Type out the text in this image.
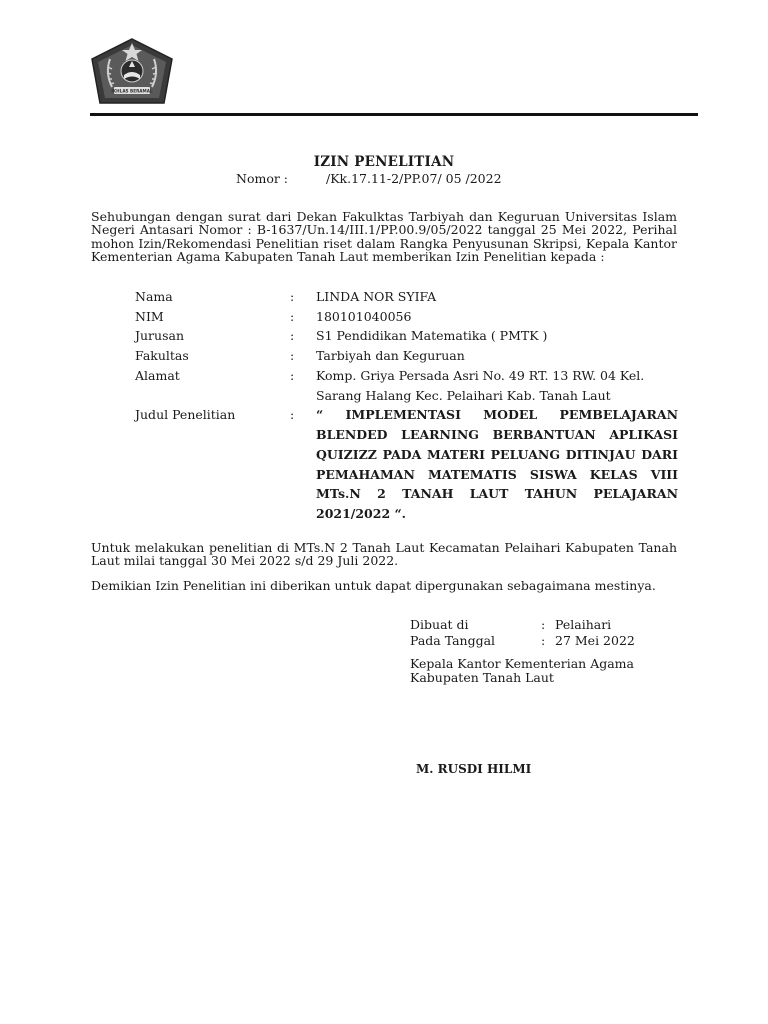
IKHLAS BERAMAL
IZIN PENELITIAN
Nomor :	/Kk.17.11-2/PP.07/ 05 /2022
Sehubungan dengan surat dari Dekan Fakulktas Tarbiyah dan Keguruan Universitas Islam Negeri Antasari Nomor : B-1637/Un.14/III.1/PP.00.9/05/2022 tanggal 25 Mei 2022, Perihal mohon Izin/Rekomendasi Penelitian riset dalam Rangka Penyusunan Skripsi, Kepala Kantor Kementerian Agama Kabupaten Tanah Laut memberikan Izin Penelitian kepada :
Nama	:	LINDA NOR SYIFA
NIM	:	180101040056
Jurusan	:	S1 Pendidikan Matematika ( PMTK )
Fakultas	:	Tarbiyah dan Keguruan
Alamat	:	Komp. Griya Persada Asri No. 49 RT. 13 RW. 04 Kel. Sarang Halang Kec. Pelaihari Kab. Tanah Laut
Judul Penelitian	:	“ IMPLEMENTASI MODEL PEMBELAJARAN BLENDED LEARNING BERBANTUAN APLIKASI QUIZIZZ PADA MATERI PELUANG DITINJAU DARI PEMAHAMAN MATEMATIS SISWA KELAS VIII MTs.N 2 TANAH LAUT TAHUN PELAJARAN 2021/2022 “.
Untuk melakukan penelitian di MTs.N 2 Tanah Laut Kecamatan Pelaihari Kabupaten Tanah Laut milai tanggal 30 Mei 2022 s/d 29 Juli 2022.
Demikian Izin Penelitian ini diberikan untuk dapat dipergunakan sebagaimana mestinya.
Dibuat di	: Pelaihari
Pada Tanggal	: 27 Mei 2022
Kepala Kantor Kementerian Agama
Kabupaten Tanah Laut
M. RUSDI HILMI
